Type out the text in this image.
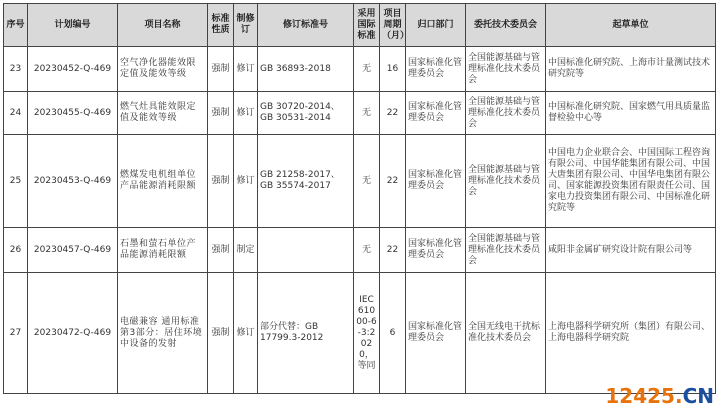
序号	计划编号	项目名称	标准性质	制修订	修订标准号	采用国际标准	项目周期（月）	归口部门	委托技术委员会	起草单位
23	20230452-Q-469	空气净化器能效限定值及能效等级	强制	修订	GB 36893-2018	无	16	国家标准化管理委员会	全国能源基础与管理标准化技术委员会	中国标准化研究院、上海市计量测试技术研究院等
24	20230455-Q-469	燃气灶具能效限定值及能效等级	强制	修订	GB 30720-2014、GB 30531-2014	无	22	国家标准化管理委员会	全国能源基础与管理标准化技术委员会	中国标准化研究院、国家燃气用具质量监督检验中心等
25	20230453-Q-469	燃煤发电机组单位产品能源消耗限额	强制	修订	GB 21258-2017、GB 35574-2017	无	22	国家标准化管理委员会	全国能源基础与管理标准化技术委员会	中国电力企业联合会、中国国际工程咨询有限公司、中国华能集团有限公司、中国大唐集团有限公司、中国华电集团有限公司、国家能源投资集团有限责任公司、国家电力投资集团有限公司、中国标准化研究院等
26	20230457-Q-469	石墨和萤石单位产品能源消耗限额	强制	制定		无	22	国家标准化管理委员会	全国能源基础与管理标准化技术委员会	咸阳非金属矿研究设计院有限公司等
27	20230472-Q-469	电磁兼容 通用标准 第3部分：居住环境中设备的发射	强制	修订	部分代替：GB 17799.3-2012	IEC 61000-6-3:2020，等同	6	国家标准化管理委员会	全国无线电干扰标准化技术委员会	上海电器科学研究所（集团）有限公司、上海电器科学研究院
12425.CN
